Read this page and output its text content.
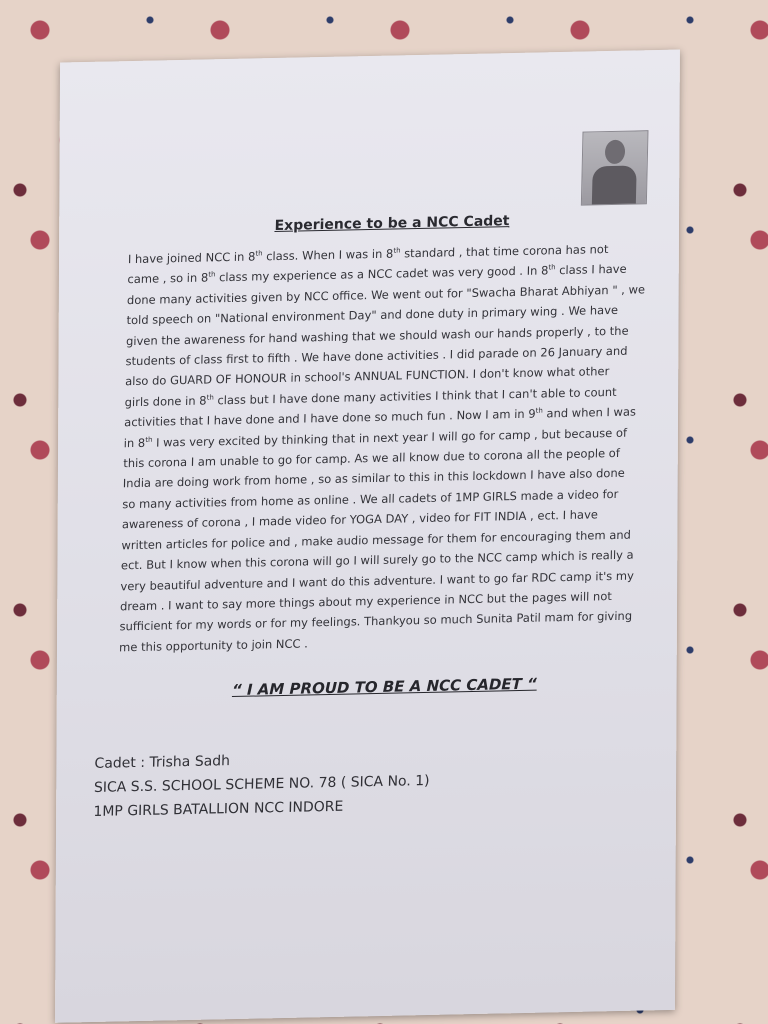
Experience to be a NCC Cadet

I have joined NCC in 8th class. When I was in 8th standard , that time corona has not
came , so in 8th class my experience as a NCC cadet was very good . In 8th class I have
done many activities given by NCC office. We went out for "Swacha Bharat Abhiyan " , we
told speech on "National environment Day" and done duty in primary wing . We have
given the awareness for hand washing that we should wash our hands properly , to the
students of class first to fifth . We have done activities . I did parade on 26 January and
also do GUARD OF HONOUR in school's ANNUAL FUNCTION. I don't know what other
girls done in 8th class but I have done many activities I think that I can't able to count
activities that I have done and I have done so much fun . Now I am in 9th and when I was
in 8th I was very excited by thinking that in next year I will go for camp , but because of
this corona I am unable to go for camp. As we all know due to corona all the people of
India are doing work from home , so as similar to this in this lockdown I have also done
so many activities from home as online . We all cadets of 1MP GIRLS made a video for
awareness of corona , I made video for YOGA DAY , video for FIT INDIA , ect. I have
written articles for police and , make audio message for them for encouraging them and
ect. But I know when this corona will go I will surely go to the NCC camp which is really a
very beautiful adventure and I want do this adventure. I want to go far RDC camp it's my
dream . I want to say more things about my experience in NCC but the pages will not
sufficient for my words or for my feelings. Thankyou so much Sunita Patil mam for giving
me this opportunity to join NCC .

“ I AM PROUD TO BE A NCC CADET “
Cadet : Trisha Sadh
SICA S.S. SCHOOL SCHEME NO. 78 ( SICA No. 1)
1MP GIRLS BATALLION NCC INDORE
